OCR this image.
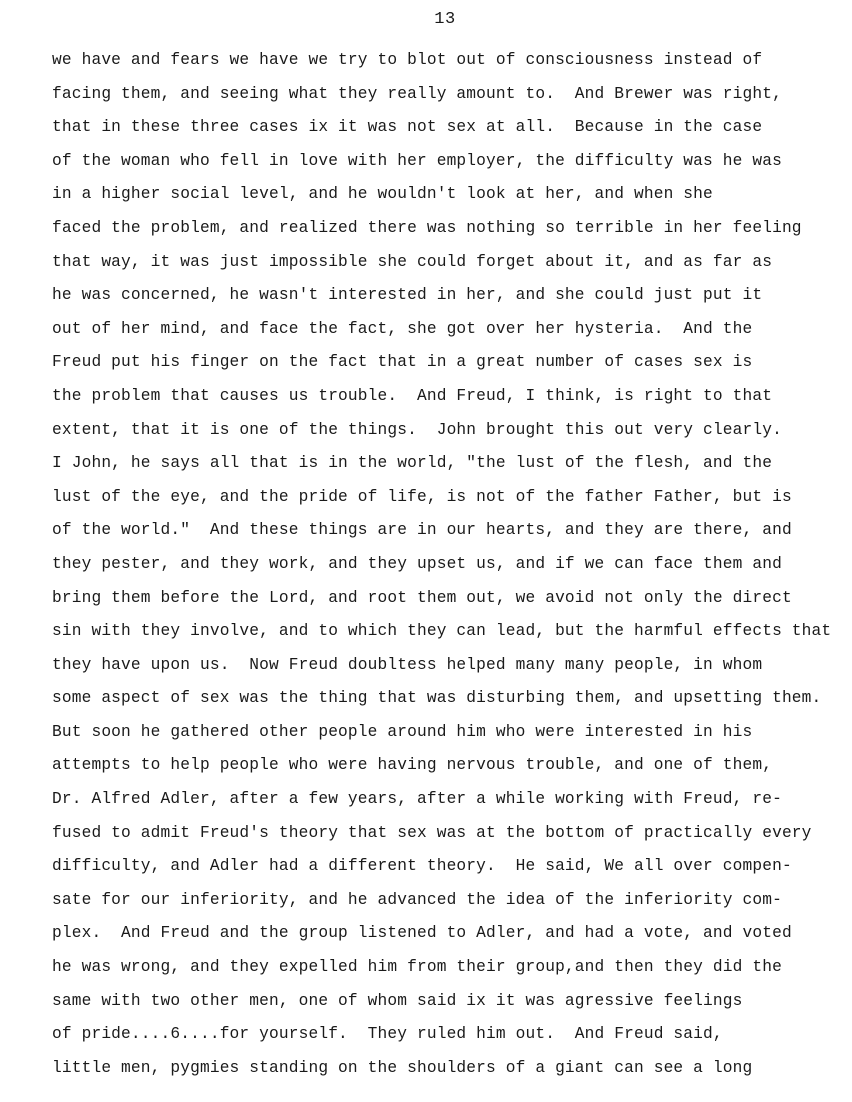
13
we have and fears we have we try to blot out of consciousness instead of
facing them, and seeing what they really amount to.  And Brewer was right,
that in these three cases ix it was not sex at all.  Because in the case
of the woman who fell in love with her employer, the difficulty was he was
in a higher social level, and he wouldn't look at her, and when she
faced the problem, and realized there was nothing so terrible in her feeling
that way, it was just impossible she could forget about it, and as far as
he was concerned, he wasn't interested in her, and she could just put it
out of her mind, and face the fact, she got over her hysteria.  And the
Freud put his finger on the fact that in a great number of cases sex is
the problem that causes us trouble.  And Freud, I think, is right to that
extent, that it is one of the things.  John brought this out very clearly.
I John, he says all that is in the world, "the lust of the flesh, and the
lust of the eye, and the pride of life, is not of the father Father, but is
of the world."  And these things are in our hearts, and they are there, and
they pester, and they work, and they upset us, and if we can face them and
bring them before the Lord, and root them out, we avoid not only the direct
sin with they involve, and to which they can lead, but the harmful effects that
they have upon us.  Now Freud doubltess helped many many people, in whom
some aspect of sex was the thing that was disturbing them, and upsetting them.
But soon he gathered other people around him who were interested in his
attempts to help people who were having nervous trouble, and one of them,
Dr. Alfred Adler, after a few years, after a while working with Freud, re-
fused to admit Freud's theory that sex was at the bottom of practically every
difficulty, and Adler had a different theory.  He said, We all over compen-
sate for our inferiority, and he advanced the idea of the inferiority com-
plex.  And Freud and the group listened to Adler, and had a vote, and voted
he was wrong, and they expelled him from their group,and then they did the
same with two other men, one of whom said ix it was agressive feelings
of pride....6....for yourself.  They ruled him out.  And Freud said,
little men, pygmies standing on the shoulders of a giant can see a long
